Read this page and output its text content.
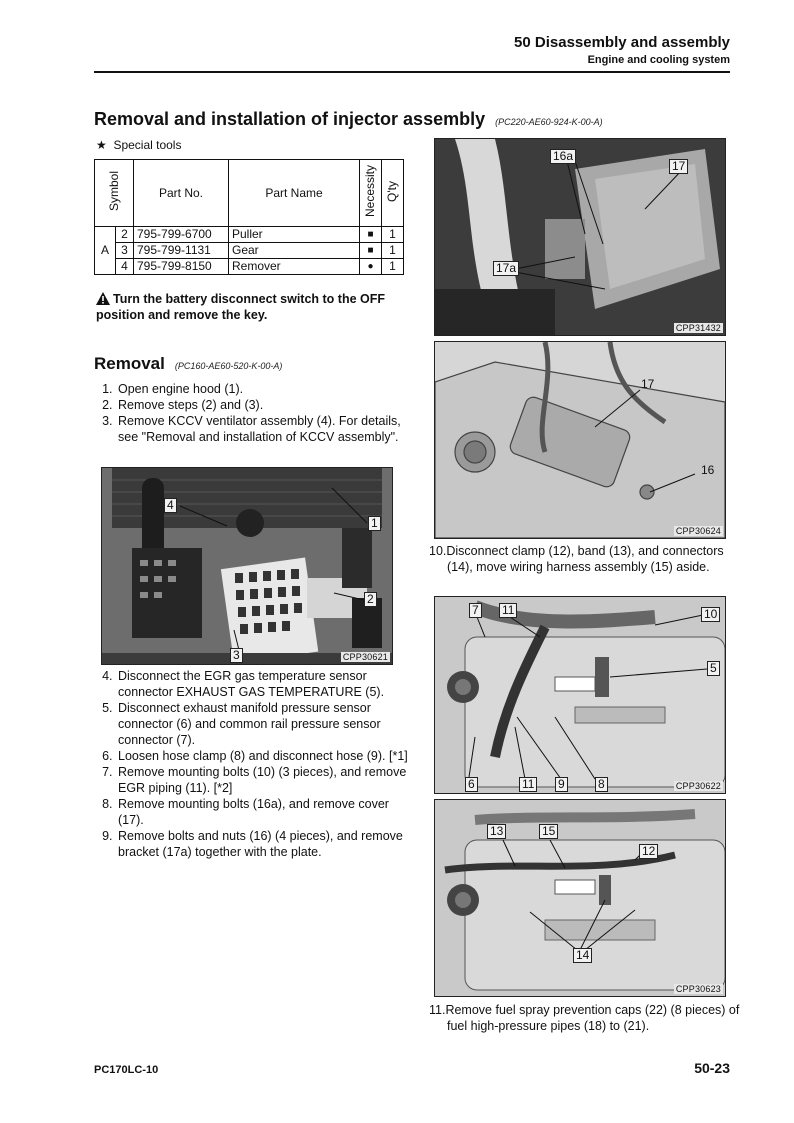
50 Disassembly and assembly
Engine and cooling system
Removal and installation of injector assembly (PC220-AE60-924-K-00-A)
★ Special tools
Symbol		Part No.	Part Name	Necessity	Q'ty
A	2	795-799-6700	Puller	■	1
	3	795-799-1131	Gear	■	1
	4	795-799-8150	Remover	●	1
Turn the battery disconnect switch to the OFF position and remove the key.
Removal (PC160-AE60-520-K-00-A)
1. Open engine hood (1).
2. Remove steps (2) and (3).
3. Remove KCCV ventilator assembly (4). For details, see "Removal and installation of KCCV assembly".
4
1
2
3	CPP30621
4. Disconnect the EGR gas temperature sensor connector EXHAUST GAS TEMPERATURE (5).
5. Disconnect exhaust manifold pressure sensor connector (6) and common rail pressure sensor connector (7).
6. Loosen hose clamp (8) and disconnect hose (9). [*1]
7. Remove mounting bolts (10) (3 pieces), and remove EGR piping (11). [*2]
8. Remove mounting bolts (16a), and remove cover (17).
9. Remove bolts and nuts (16) (4 pieces), and remove bracket (17a) together with the plate.
16a
17
17a
CPP31432
17
16
CPP30624
10.Disconnect clamp (12), band (13), and connectors (14), move wiring harness assembly (15) aside.
7 11	10
5
6	11 9	8	CPP30622
13	15
12
14
CPP30623
11.Remove fuel spray prevention caps (22) (8 pieces) of fuel high-pressure pipes (18) to (21).
PC170LC-10	50-23
